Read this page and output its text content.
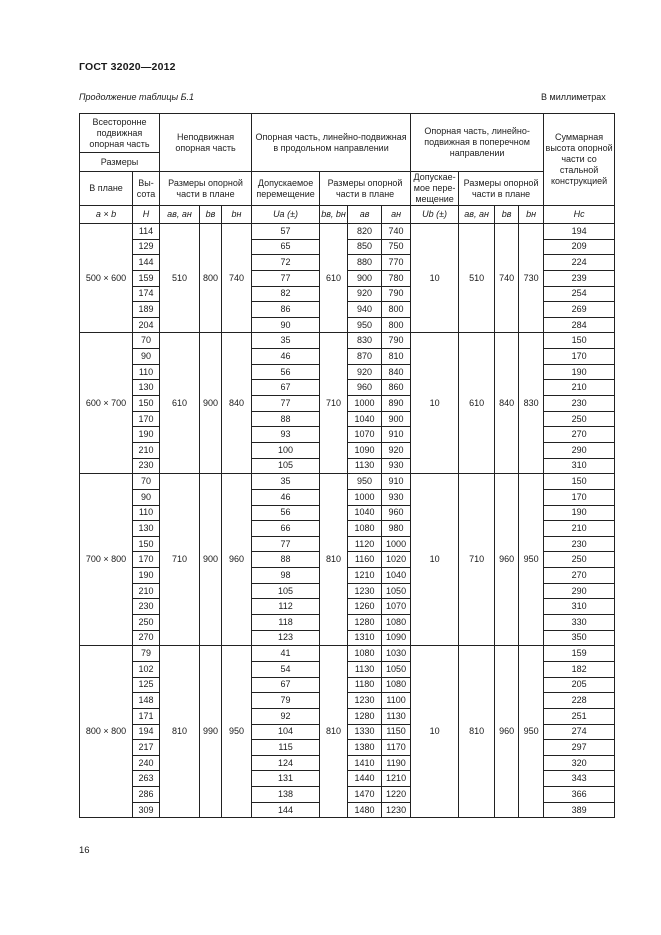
ГОСТ 32020—2012
Продолжение таблицы Б.1	В миллиметрах
Всесторонне подвижная опорная часть		Неподвижная опорная часть			Опорная часть, линейно-подвижная в продольном направлении				Опорная часть, линейно-подвижная в поперечном направлении				Суммарная высота опорной части со стальной конструкцией
Размеры													
В плане	Вы-сота	Размеры опорной части в плане			Допускаемое перемещение	Размеры опорной части в плане			Допускае-мое пере-мещение	Размеры опорной части в плане			
a × b	H	aв, aн	bв	bн	Ua (±)	bв, bн	aв	aн	Ub (±)	aв, aн	bв	bн	Hc
500 × 600	114	510	800	740	57	610	820	740	10	510	740	730	194
	129				65		850	750					209
	144				72		880	770					224
	159				77		900	780					239
	174				82		920	790					254
	189				86		940	800					269
	204				90		950	800					284
600 × 700	70	610	900	840	35	710	830	790	10	610	840	830	150
	90				46		870	810					170
	110				56		920	840					190
	130				67		960	860					210
	150				77		1000	890					230
	170				88		1040	900					250
	190				93		1070	910					270
	210				100		1090	920					290
	230				105		1130	930					310
700 × 800	70	710	900	960	35	810	950	910	10	710	960	950	150
	90				46		1000	930					170
	110				56		1040	960					190
	130				66		1080	980					210
	150				77		1120	1000					230
	170				88		1160	1020					250
	190				98		1210	1040					270
	210				105		1230	1050					290
	230				112		1260	1070					310
	250				118		1280	1080					330
	270				123		1310	1090					350
800 × 800	79	810	990	950	41	810	1080	1030	10	810	960	950	159
	102				54		1130	1050					182
	125				67		1180	1080					205
	148				79		1230	1100					228
	171				92		1280	1130					251
	194				104		1330	1150					274
	217				115		1380	1170					297
	240				124		1410	1190					320
	263				131		1440	1210					343
	286				138		1470	1220					366
	309				144		1480	1230					389
16
